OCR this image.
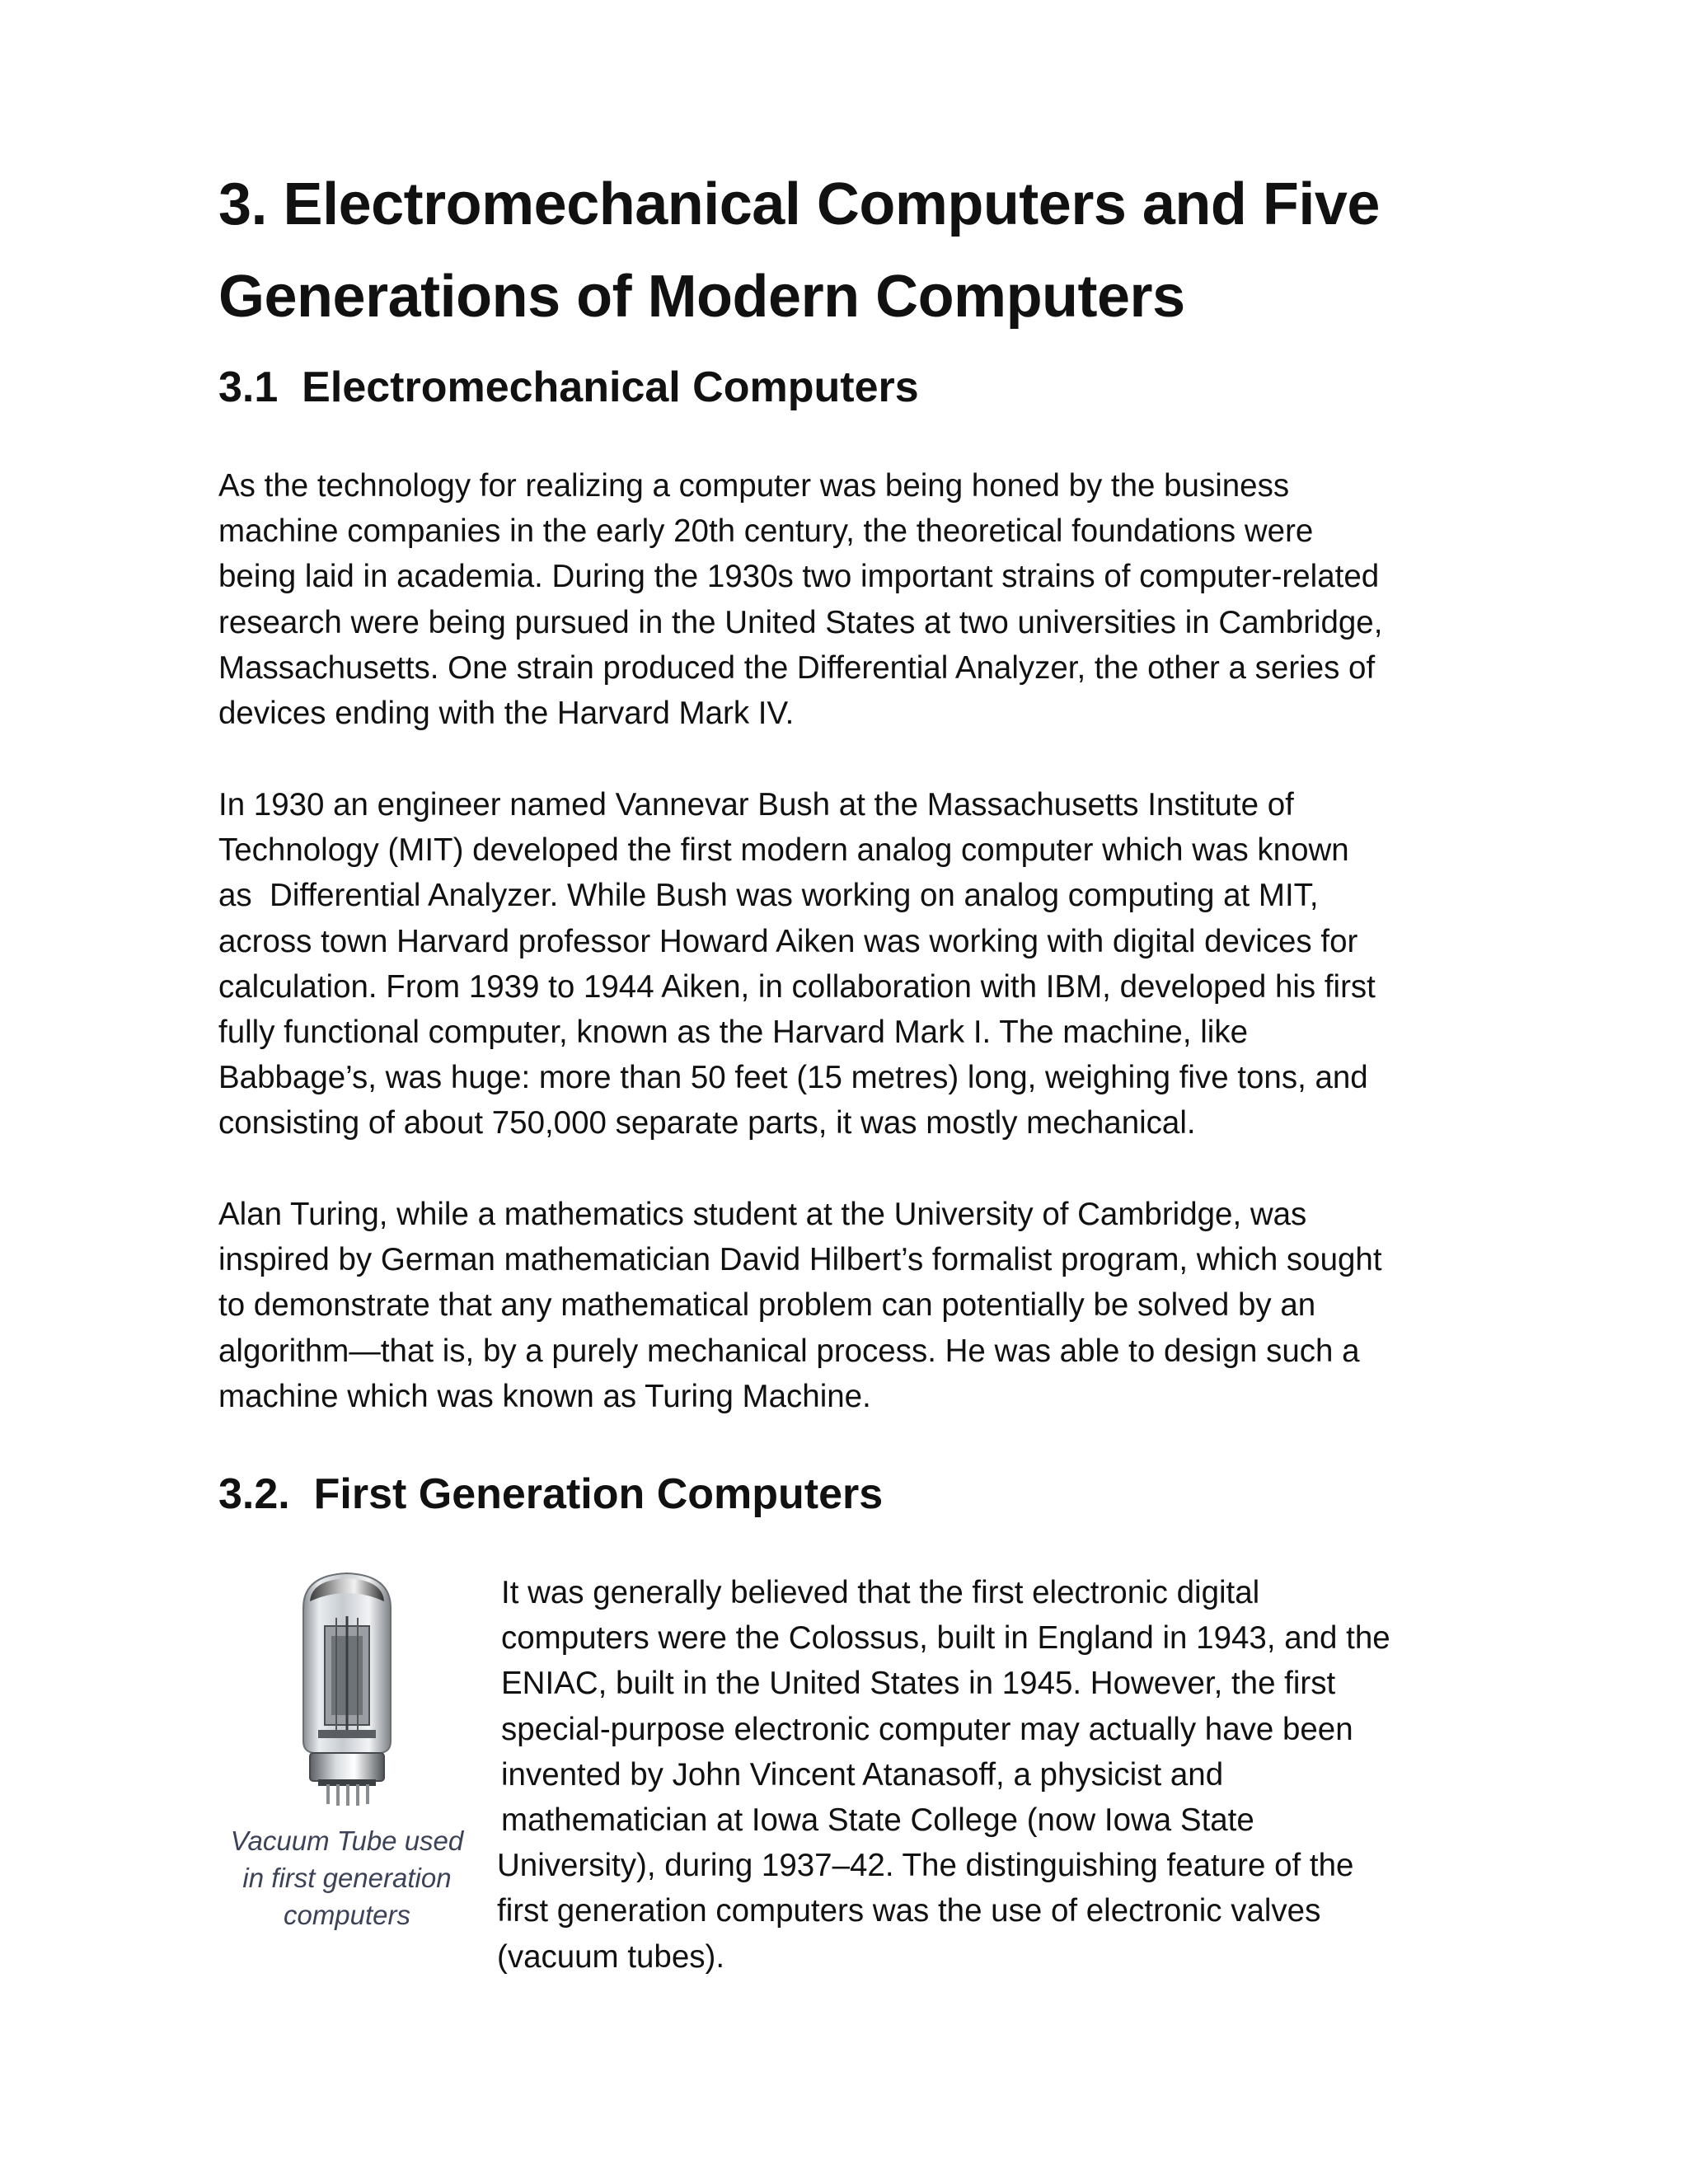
3. Electromechanical Computers and Five Generations of Modern Computers
3.1  Electromechanical Computers

As the technology for realizing a computer was being honed by the business
machine companies in the early 20th century, the theoretical foundations were
being laid in academia. During the 1930s two important strains of computer-related
research were being pursued in the United States at two universities in Cambridge,
Massachusetts. One strain produced the Differential Analyzer, the other a series of
devices ending with the Harvard Mark IV.

In 1930 an engineer named Vannevar Bush at the Massachusetts Institute of
Technology (MIT) developed the first modern analog computer which was known
as  Differential Analyzer. While Bush was working on analog computing at MIT,
across town Harvard professor Howard Aiken was working with digital devices for
calculation. From 1939 to 1944 Aiken, in collaboration with IBM, developed his first
fully functional computer, known as the Harvard Mark I. The machine, like
Babbage’s, was huge: more than 50 feet (15 metres) long, weighing five tons, and
consisting of about 750,000 separate parts, it was mostly mechanical.

Alan Turing, while a mathematics student at the University of Cambridge, was
inspired by German mathematician David Hilbert’s formalist program, which sought
to demonstrate that any mathematical problem can potentially be solved by an
algorithm—that is, by a purely mechanical process. He was able to design such a
machine which was known as Turing Machine.

3.2.  First Generation Computers
Vacuum Tube used
in first generation
computers

It was generally believed that the first electronic digital
computers were the Colossus, built in England in 1943, and the
ENIAC, built in the United States in 1945. However, the first
special-purpose electronic computer may actually have been
invented by John Vincent Atanasoff, a physicist and
mathematician at Iowa State College (now Iowa State
University), during 1937–42. The distinguishing feature of the
first generation computers was the use of electronic valves
(vacuum tubes).
